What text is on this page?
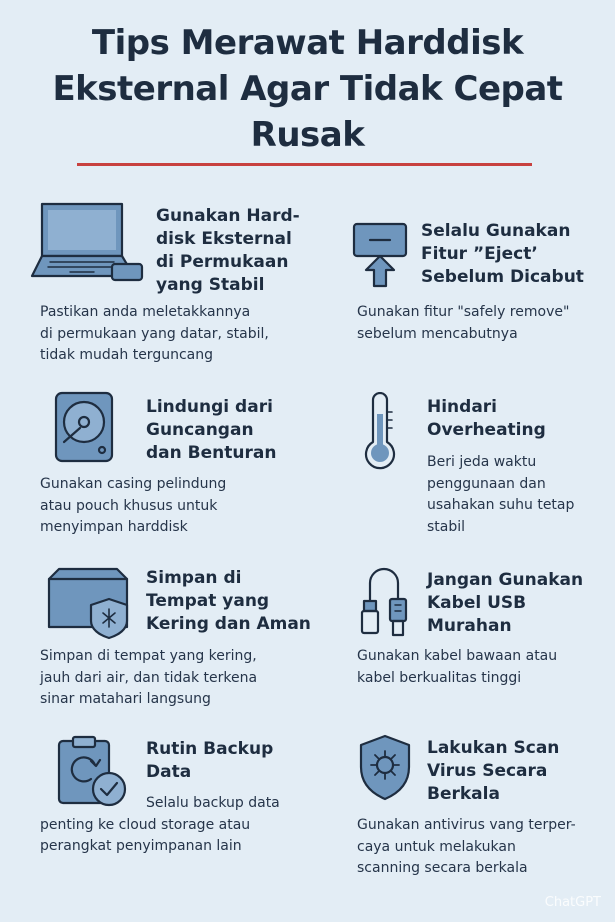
Tips Merawat Harddisk
Eksternal Agar Tidak Cepat
Rusak
Gunakan Hard-
disk Eksternal
di Permukaan
yang Stabil
Pastikan anda meletakkannya
di permukaan yang datar, stabil,
tidak mudah terguncang
Selalu Gunakan
Fitur ”Eject’
Sebelum Dicabut
Gunakan fitur "safely remove"
sebelum mencabutnya
Lindungi dari
Guncangan
dan Benturan
Gunakan casing pelindung
atau pouch khusus untuk
menyimpan harddisk
Hindari
Overheating
Beri jeda waktu
penggunaan dan
usahakan suhu tetap
stabil
Simpan di
Tempat yang
Kering dan Aman
Simpan di tempat yang kering,
jauh dari air, dan tidak terkena
sinar matahari langsung
Jangan Gunakan
Kabel USB
Murahan
Gunakan kabel bawaan atau
kabel berkualitas tinggi
Rutin Backup
Data
Selalu backup data
penting ke cloud storage atau
perangkat penyimpanan lain
Lakukan Scan
Virus Secara
Berkala
Gunakan antivirus vang terper-
caya untuk melakukan
scanning secara berkala
ChatGPT
